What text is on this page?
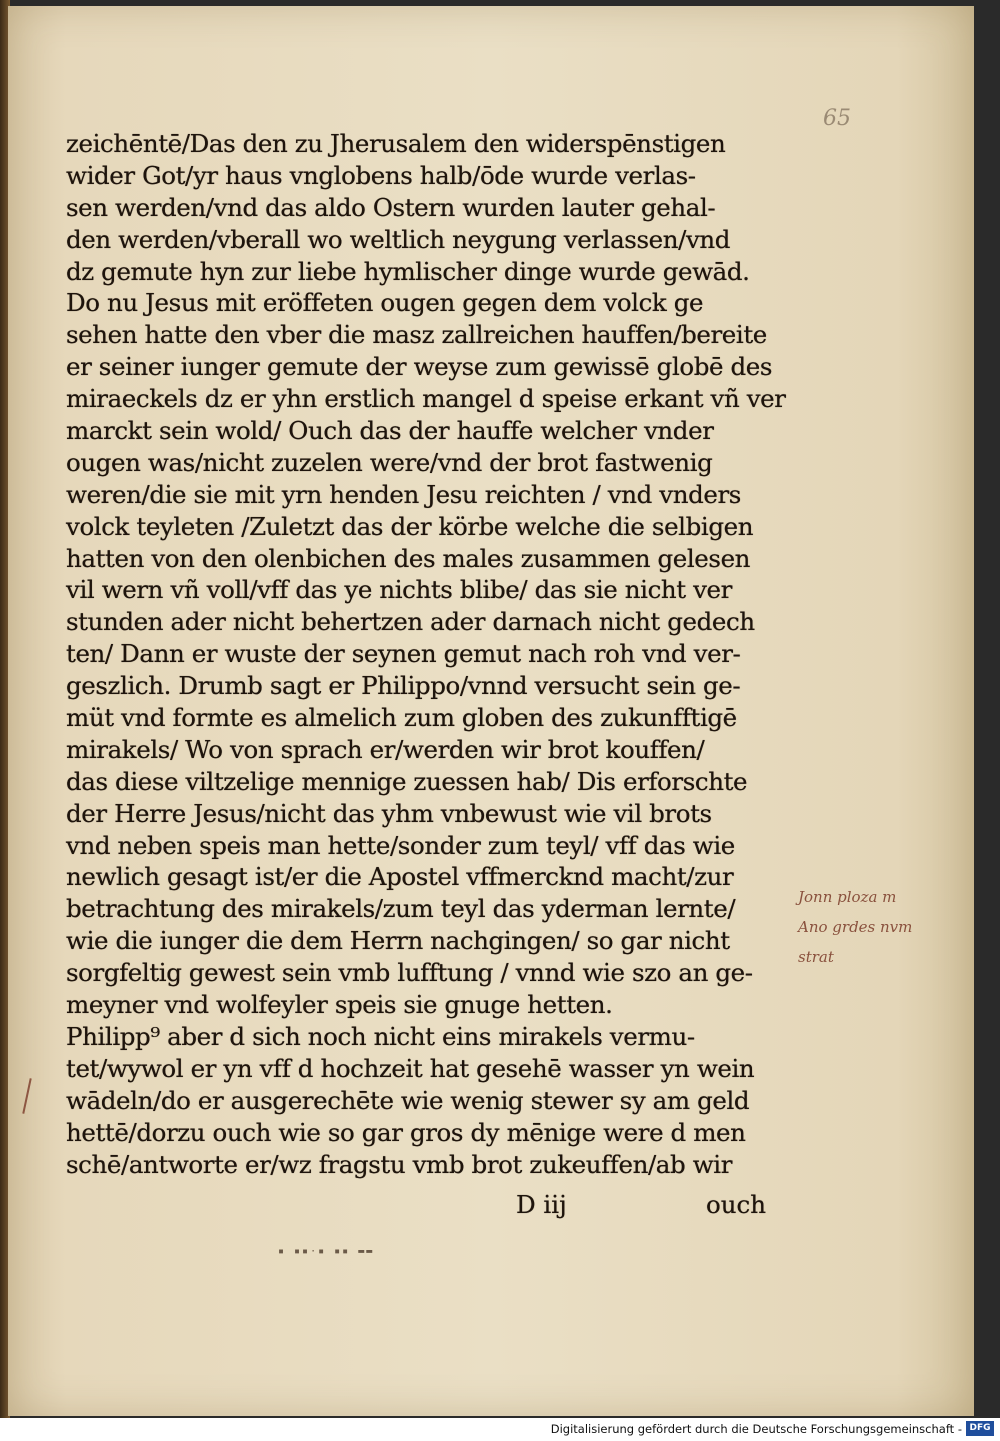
65
zeichēntē/Das den zu Jherusalem den widerspēnstigen
wider Got/yr haus vnglobens halb/ōde wurde verlas-
sen werden/vnd das aldo Ostern wurden lauter gehal-
den werden/vberall wo weltlich neygung verlassen/vnd
dz gemute hyn zur liebe hymlischer dinge wurde gewād.
Do nu Jesus mit eröffeten ougen gegen dem volck ge
sehen hatte den vber die masz zallreichen hauffen/bereite
er seiner iunger gemute der weyse zum gewissē globē des
miraeckels dz er yhn erstlich mangel d speise erkant vñ ver
marckt sein wold/ Ouch das der hauffe welcher vnder
ougen was/nicht zuzelen were/vnd der brot fastwenig
weren/die sie mit yrn henden Jesu reichten / vnd vnders
volck teyleten /Zuletzt das der körbe welche die selbigen
hatten von den olenbichen des males zusammen gelesen
vil wern vñ voll/vff das ye nichts blibe/ das sie nicht ver
stunden ader nicht behertzen ader darnach nicht gedech
ten/ Dann er wuste der seynen gemut nach roh vnd ver-
geszlich. Drumb sagt er Philippo/vnnd versucht sein ge-
müt vnd formte es almelich zum globen des zukunfftigē
mirakels/ Wo von sprach er/werden wir brot kouffen/
das diese viltzelige mennige zuessen hab/ Dis erforschte
der Herre Jesus/nicht das yhm vnbewust wie vil brots
vnd neben speis man hette/sonder zum teyl/ vff das wie
newlich gesagt ist/er die Apostel vffmercknd macht/zur
betrachtung des mirakels/zum teyl das yderman lernte/
wie die iunger die dem Herrn nachgingen/ so gar nicht
sorgfeltig gewest sein vmb lufftung / vnnd wie szo an ge-
meyner vnd wolfeyler speis sie gnuge hetten.
Philipp⁹ aber d sich noch nicht eins mirakels vermu-
tet/wywol er yn vff d hochzeit hat gesehē wasser yn wein
wādeln/do er ausgerechēte wie wenig stewer sy am geld
hettē/dorzu ouch wie so gar gros dy mēnige were d men
schē/antworte er/wz fragstu vmb brot zukeuffen/ab wir
D iij	ouch
▪ ▪▪·▪ ▪▪ ▬▬
Jonn ploza m
Ano grdes nvm
strat
Digitalisierung gefördert durch die Deutsche Forschungsgemeinschaft - DFG
